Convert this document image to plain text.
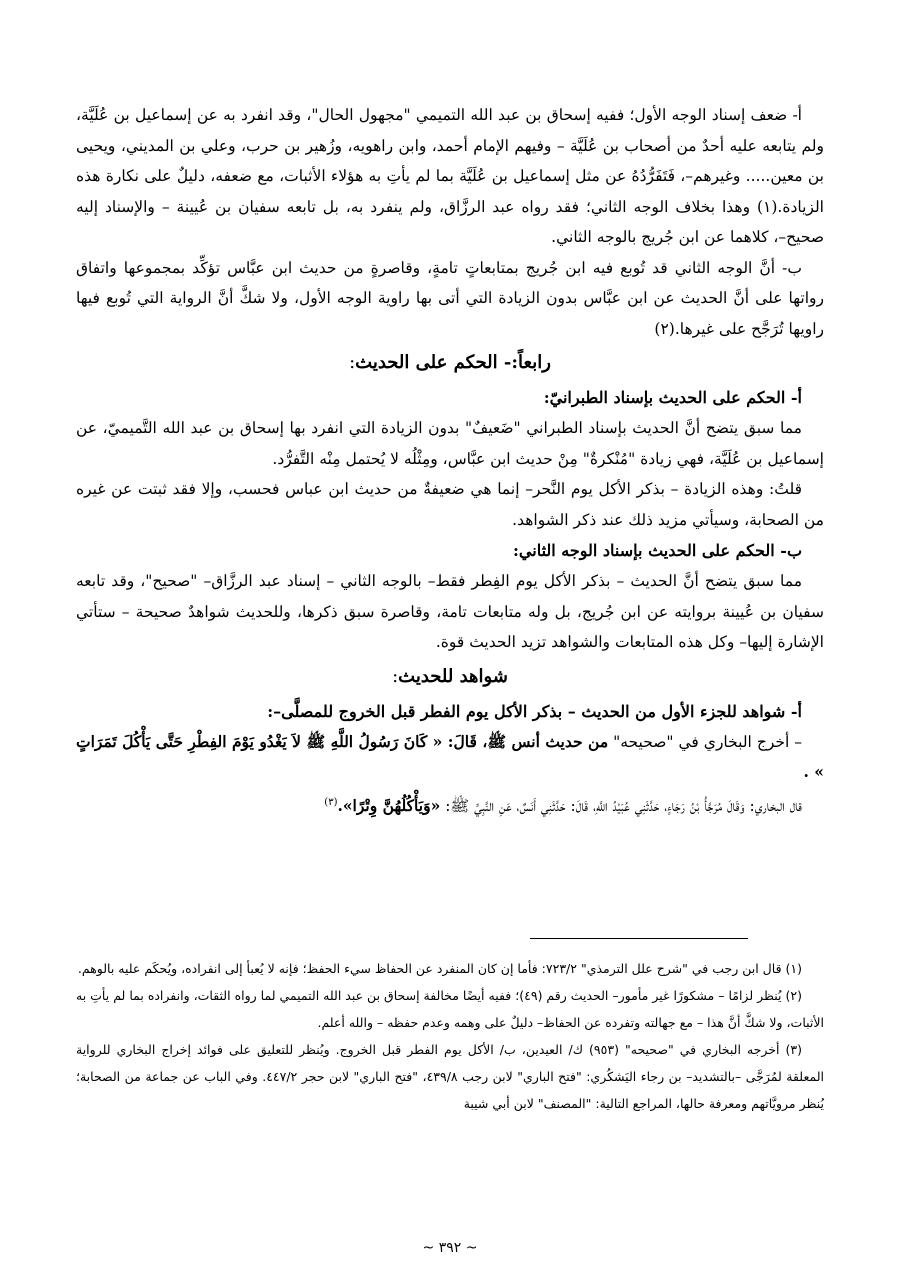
أ- ضعف إسناد الوجه الأول؛ ففيه إسحاق بن عبد الله التميمي "مجهول الحال"، وقد انفرد به عن إسماعيل بن عُلَيَّة، ولم يتابعه عليه أحدٌ من أصحاب بن عُلَيَّة – وفيهم الإمام أحمد، وابن راهويه، وزُهير بن حرب، وعلي بن المديني، ويحيى بن معين..... وغيرهم–، فَتَفَرُّدُهُ عن مثل إسماعيل بن عُلَيَّة بما لم يأتِ به هؤلاء الأثبات، مع ضعفه، دليلٌ على نكارة هذه الزيادة.(١) وهذا بخلاف الوجه الثاني؛ فقد رواه عبد الرزَّاق، ولم ينفرد به، بل تابعه سفيان بن عُيينة – والإسناد إليه صحيح–، كلاهما عن ابن جُريج بالوجه الثاني.

ب- أنَّ الوجه الثاني قد تُوبع فيه ابن جُريج بمتابعاتٍ تامةٍ، وقاصرةٍ من حديث ابن عبَّاس تؤكِّد بمجموعها واتفاق رواتها على أنَّ الحديث عن ابن عبَّاس بدون الزيادة التي أتى بها راوية الوجه الأول، ولا شكَّ أنَّ الرواية التي تُوبع فيها راويها تُرَجَّح على غيرها.(٢)

رابعاً:- الحكم على الحديث:

أ- الحكم على الحديث بإسناد الطبرانيّ:

مما سبق يتضح أنَّ الحديث بإسناد الطبراني "ضَعيفٌ" بدون الزيادة التي انفرد بها إسحاق بن عبد الله التَّميميّ، عن إسماعيل بن عُلَيَّة، فهي زيادة "مُنْكرةٌ" مِنْ حديث ابن عبَّاس، ومِثْلُه لا يُحتمل مِنْه التَّفرُّد.

قلتُ: وهذه الزيادة – بذكر الأكل يوم النَّحر– إنما هي ضعيفةٌ من حديث ابن عباس فحسب، وإلا فقد ثبتت عن غيره من الصحابة، وسيأتي مزيد ذلك عند ذكر الشواهد.

ب- الحكم على الحديث بإسناد الوجه الثاني:

مما سبق يتضح أنَّ الحديث – بذكر الأكل يوم الفِطر فقط– بالوجه الثاني – إسناد عبد الرزَّاق– "صحيح"، وقد تابعه سفيان بن عُيينة بروايته عن ابن جُريج، بل وله متابعات تامة، وقاصرة سبق ذكرها، وللحديث شواهدٌ صحيحة – ستأتي الإشارة إليها– وكل هذه المتابعات والشواهد تزيد الحديث قوة.

شواهد للحديث:

أ- شواهد للجزء الأول من الحديث – بذكر الأكل يوم الفطر قبل الخروج للمصلَّى–:

– أخرج البخاري في "صحيحه" من حديث أنس ﷺ، قَالَ: « كَانَ رَسُولُ اللَّهِ ﷺ لاَ يَغْدُو يَوْمَ الفِطْرِ حَتَّى يَأْكُلَ تَمَرَاتٍ » .

قال البخاري: وَقَالَ مُرَجَّأُ بْنُ رَجَاءٍ، حَدَّثَنِي عُبَيْدُ اللَّهِ، قَالَ: حَدَّثَنِي أَنَسٌ، عَنِ النَّبِيِّ ﷺ: «وَيَأْكُلُهُنَّ وِتْرًا».$^{(٣)}$

(١) قال ابن رجب في "شرح علل الترمذي" ٧٢٣/٢: فأما إن كان المنفرد عن الحفاظ سيء الحفظ؛ فإنه لا يُعبأ إلى انفراده، ويُحكَم عليه بالوهم.

(٢) يُنظر لزامًا – مشكورًا غير مأمور– الحديث رقم (٤٩)؛ ففيه أيضًا مخالفة إسحاق بن عبد الله التميمي لما رواه الثقات، وانفراده بما لم يأتِ به الأثبات، ولا شكَّ أنَّ هذا – مع جهالته وتفرده عن الحفاظ– دليلٌ على وهمه وعدم حفظه – والله أعلم.

(٣) أخرجه البخاري في "صحيحه" (٩٥٣) ك/ العيدين، ب/ الأكل يوم الفطر قبل الخروج. ويُنظر للتعليق على فوائد إخراج البخاري للرواية المعلقة لمُرَجَّى –بالتشديد– بن رجاء اليَشكُري: "فتح الباري" لابن رجب ٤٣٩/٨، "فتح الباري" لابن حجر ٤٤٧/٢. وفي الباب عن جماعة من الصحابة؛ يُنظر مرويَّاتهم ومعرفة حالها، المراجع التالية: "المصنف" لابن أبي شيبة

~ ٣٩٢ ~
